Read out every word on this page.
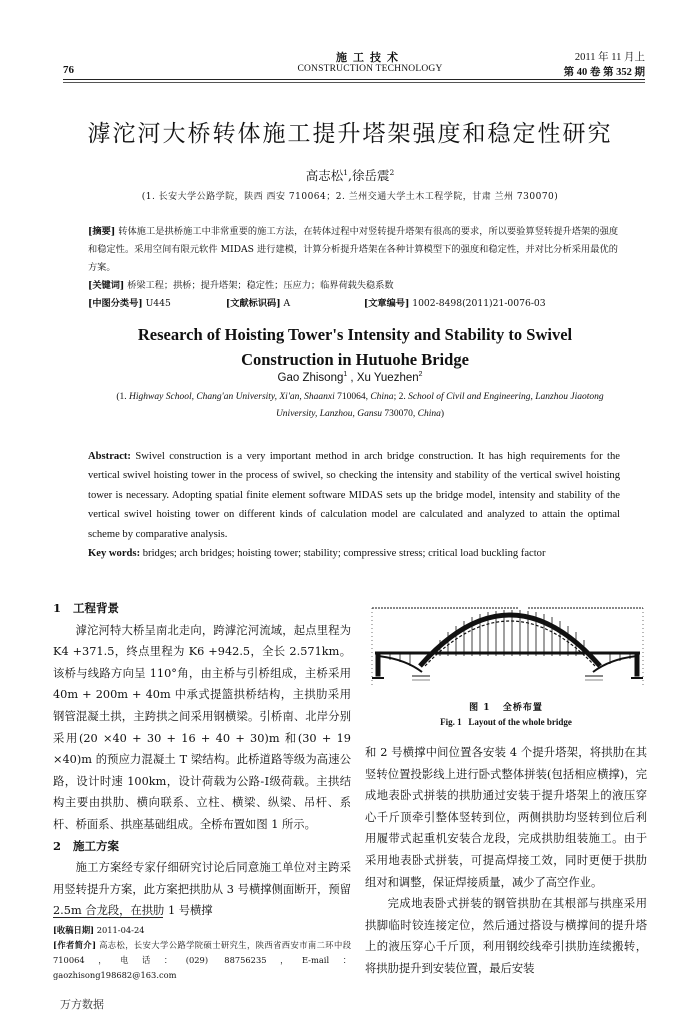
施工技术
CONSTRUCTION TECHNOLOGY
76
2011 年 11 月上
第 40 卷 第 352 期
滹沱河大桥转体施工提升塔架强度和稳定性研究
高志松$^1$,徐岳震$^2$
(1. 长安大学公路学院，陕西 西安 710064；2. 兰州交通大学土木工程学院，甘肃 兰州 730070)
[摘要] 转体施工是拱桥施工中非常重要的施工方法，在转体过程中对竖转提升塔架有很高的要求，所以要验算竖转提升塔架的强度和稳定性。采用空间有限元软件 MIDAS 进行建模，计算分析提升塔架在各种计算模型下的强度和稳定性，并对比分析采用最优的方案。
[关键词] 桥梁工程；拱桥；提升塔架；稳定性；压应力；临界荷载失稳系数
[中图分类号] U445	[文献标识码] A	[文章编号] 1002-8498(2011)21-0076-03
Research of Hoisting Tower's Intensity and Stability to Swivel Construction in Hutuohe Bridge
Gao Zhisong$^1$ , Xu Yuezhen$^2$
(1. Highway School, Chang'an University, Xi'an, Shaanxi 710064, China; 2. School of Civil and Engineering, Lanzhou Jiaotong University, Lanzhou, Gansu 730070, China)
Abstract: Swivel construction is a very important method in arch bridge construction. It has high requirements for the vertical swivel hoisting tower in the process of swivel, so checking the intensity and stability of the vertical swivel hoisting tower is necessary. Adopting spatial finite element software MIDAS sets up the bridge model, intensity and stability of the vertical swivel hoisting tower on different kinds of calculation model are calculated and analyzed to attain the optimal scheme by comparative analysis.
Key words: bridges; arch bridges; hoisting tower; stability; compressive stress; critical load buckling factor
1 工程背景

滹沱河特大桥呈南北走向，跨滹沱河流域，起点里程为 K4 +371.5，终点里程为 K6 +942.5，全长 2.571km。该桥与线路方向呈 110°角，由主桥与引桥组成，主桥采用 40m + 200m + 40m 中承式提篮拱桥结构，主拱肋采用钢管混凝土拱，主跨拱之间采用钢横梁。引桥南、北岸分别采用(20 ×40 + 30 + 16 + 40 + 30)m 和(30 + 19 ×40)m 的预应力混凝土 T 梁结构。此桥道路等级为高速公路，设计时速 100km，设计荷载为公路-Ⅰ级荷载。主拱结构主要由拱肋、横向联系、立柱、横梁、纵梁、吊杆、系杆、桥面系、拱座基础组成。全桥布置如图 1 所示。

2 施工方案

施工方案经专家仔细研究讨论后同意施工单位对主跨采用竖转提升方案，此方案把拱肋从 3 号横撑侧面断开，预留 2.5m 合龙段，在拱肋 1 号横撑

[收稿日期] 2011-04-24
[作者简介] 高志松，长安大学公路学院硕士研究生，陕西省西安市南二环中段 710064，电话：(029) 88756235，E-mail：gaozhisong198682@163.com
图 1 全桥布置
Fig. 1 Layout of the whole bridge

和 2 号横撑中间位置各安装 4 个提升塔架，将拱肋在其竖转位置投影线上进行卧式整体拼装(包括相应横撑)，完成地表卧式拼装的拱肋通过安装于提升塔架上的液压穿心千斤顶牵引整体竖转到位，两侧拱肋均竖转到位后利用履带式起重机安装合龙段，完成拱肋组装施工。由于采用地表卧式拼装，可提高焊接工效，同时更便于拱肋组对和调整，保证焊接质量，减少了高空作业。

完成地表卧式拼装的钢管拱肋在其根部与拱座采用拱脚临时铰连接定位，然后通过搭设与横撑间的提升塔上的液压穿心千斤顶，利用钢绞线牵引拱肋连续搬转，将拱肋提升到安装位置，最后安装

万方数据
